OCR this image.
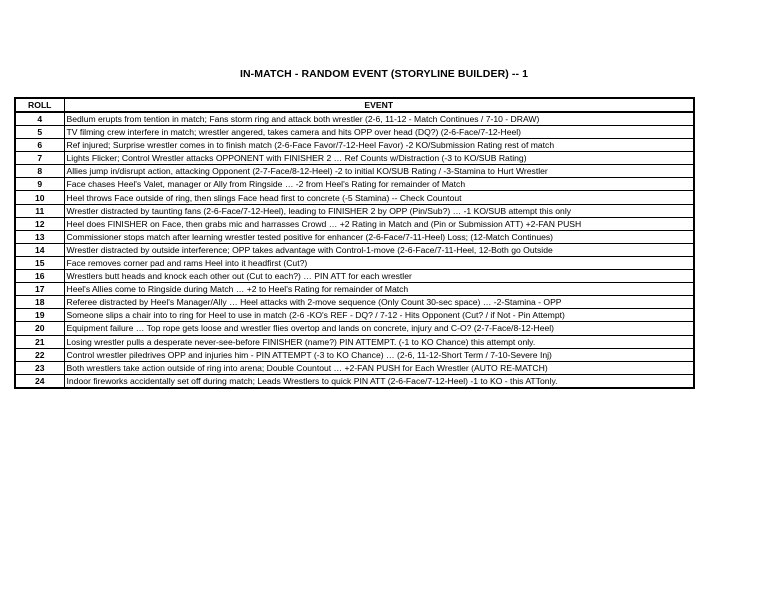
IN-MATCH - RANDOM EVENT (STORYLINE BUILDER) -- 1
ROLL	EVENT
4	Bedlum erupts from tention in match; Fans storm ring and attack both wrestler (2-6, 11-12 - Match Continues / 7-10 - DRAW)
5	TV filming crew interfere in match; wrestler angered, takes camera and hits OPP over head (DQ?) (2-6-Face/7-12-Heel)
6	Ref injured; Surprise wrestler comes in to finish match (2-6-Face Favor/7-12-Heel Favor) -2 KO/Submission Rating rest of match
7	Lights Flicker; Control Wrestler attacks OPPONENT with FINISHER 2 … Ref Counts w/Distraction (-3 to KO/SUB Rating)
8	Allies jump in/disrupt action, attacking Opponent (2-7-Face/8-12-Heel) -2 to initial KO/SUB Rating / -3-Stamina to Hurt Wrestler
9	Face chases Heel's Valet, manager or Ally from Ringside … -2 from Heel's Rating for remainder of Match
10	Heel throws Face outside of ring, then slings Face head first to concrete (-5 Stamina) -- Check Countout
11	Wrestler distracted by taunting fans (2-6-Face/7-12-Heel), leading to FINISHER 2 by OPP (Pin/Sub?) … -1 KO/SUB attempt this only
12	Heel does FINISHER on Face, then grabs mic and harrasses Crowd … +2 Rating in Match and (Pin or Submission ATT) +2-FAN PUSH
13	Commissioner stops match after learning wrestler tested positive for enhancer (2-6-Face/7-11-Heel) Loss; (12-Match Continues)
14	Wrestler distracted by outside interference; OPP takes advantage with Control-1-move (2-6-Face/7-11-Heel, 12-Both go Outside
15	Face removes corner pad and rams Heel into it headfirst (Cut?)
16	Wrestlers butt heads and knock each other out (Cut to each?) … PIN ATT for each wrestler
17	Heel's Allies come to Ringside during Match … +2 to Heel's Rating for remainder of Match
18	Referee distracted by Heel's Manager/Ally … Heel attacks with 2-move sequence (Only Count 30-sec space) … -2-Stamina - OPP
19	Someone slips a chair into to ring for Heel to use in match (2-6 -KO's REF - DQ? / 7-12 - Hits Opponent (Cut? / if Not - Pin Attempt)
20	Equipment failure … Top rope gets loose and wrestler flies overtop and lands on concrete, injury and C-O? (2-7-Face/8-12-Heel)
21	Losing wrestler pulls a desperate never-see-before FINISHER (name?) PIN ATTEMPT. (-1 to KO Chance) this attempt only.
22	Control wrestler piledrives OPP and injuries him - PIN ATTEMPT (-3 to KO Chance) … (2-6, 11-12-Short Term / 7-10-Severe Inj)
23	Both wrestlers take action outside of ring into arena; Double Countout … +2-FAN PUSH for Each Wrestler (AUTO RE-MATCH)
24	Indoor fireworks accidentally set off during match; Leads Wrestlers to quick PIN ATT (2-6-Face/7-12-Heel) -1 to KO - this ATTonly.
